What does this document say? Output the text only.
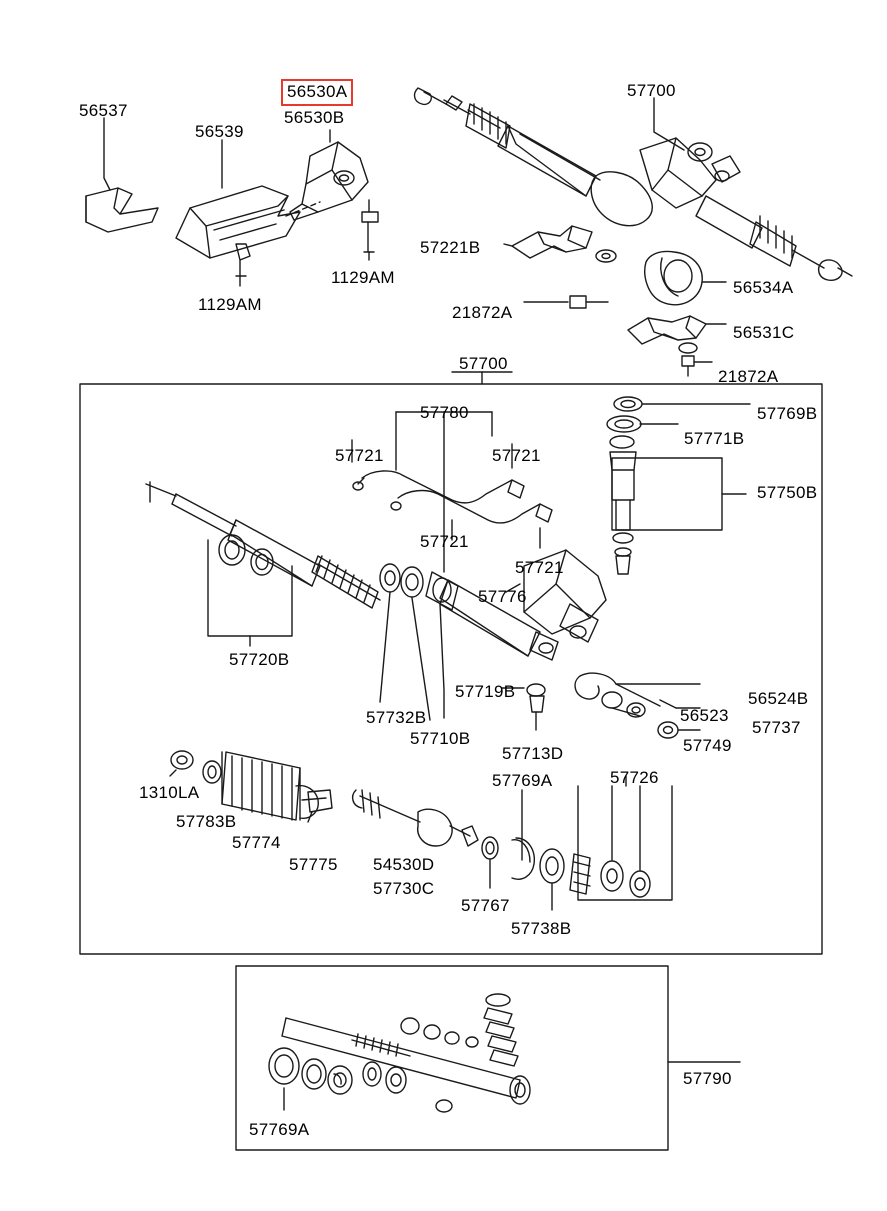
56537
56539
56530A
56530B
57700
1129AM
1129AM
57221B
21872A
56534A
56531C
21872A
57700
57780	57769B
57771B
57721	57721
57750B
57721
57721
57776
57720B
57732B
57710B
57719B
57713D
56524B
56523
57737
57749
57769A	57726
1310LA
57783B
57774
57775 54530D
57730C
57767
57738B
57769A
57790
